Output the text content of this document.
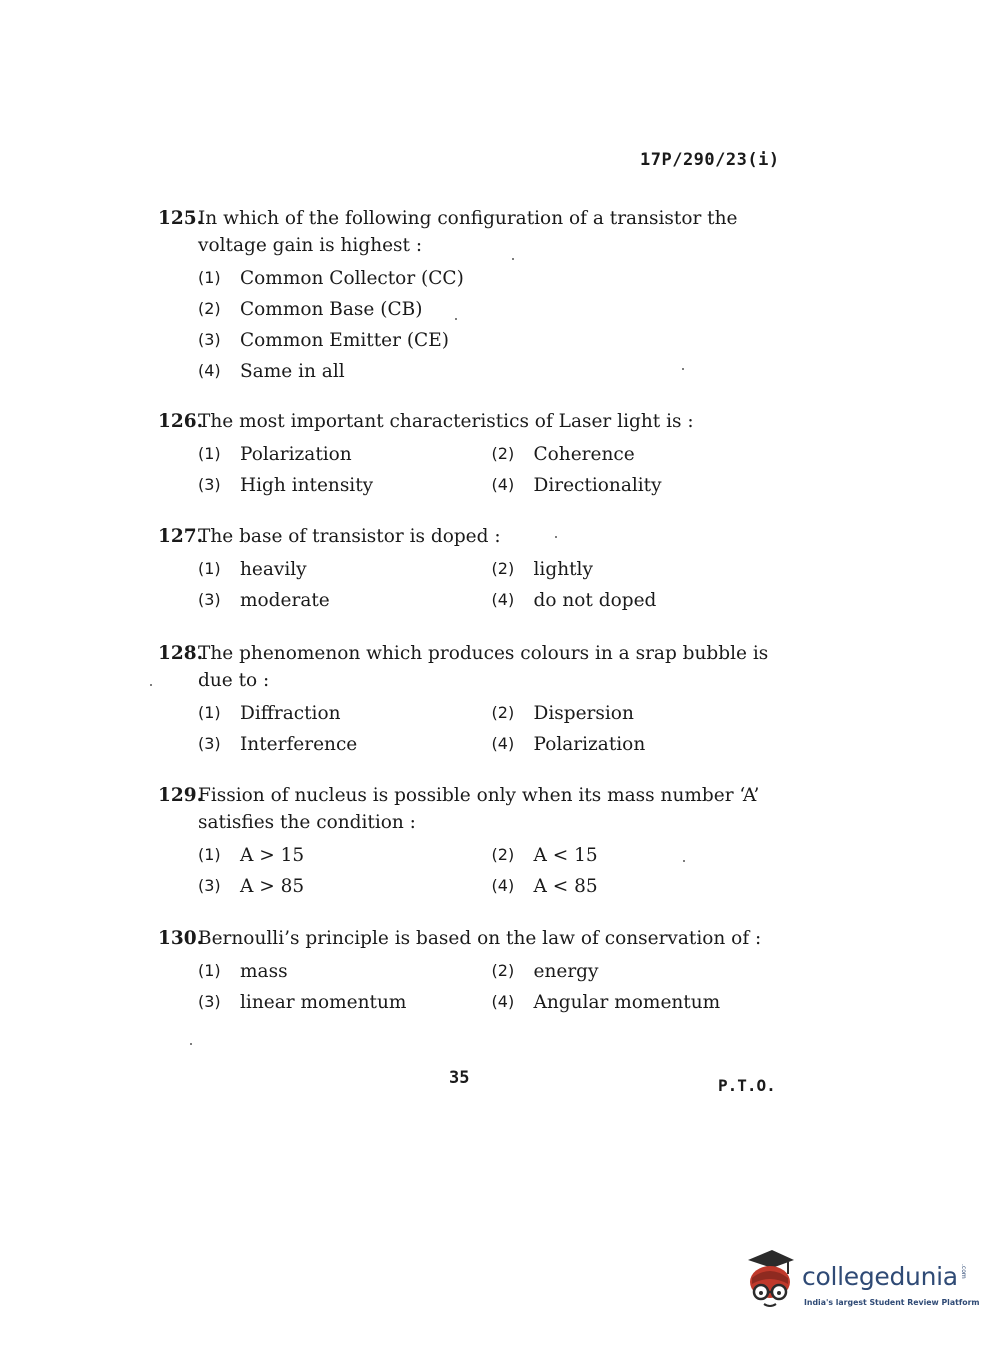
17P/290/23(i)
125.
In which of the following configuration of a transistor the voltage gain is highest :
(1)	Common Collector (CC)
(2)	Common Base (CB)
(3)	Common Emitter (CE)
(4)	Same in all
126.
The most important characteristics of Laser light is :
(1)	Polarization	(2)	Coherence
(3)	High intensity	(4)	Directionality
127.
The base of transistor is doped :
(1)	heavily	(2)	lightly
(3)	moderate	(4)	do not doped
128.
The phenomenon which produces colours in a srap bubble is due to :
(1)	Diffraction	(2)	Dispersion
(3)	Interference	(4)	Polarization
129.
Fission of nucleus is possible only when its mass number ‘A’ satisfies the condition :
(1)	A > 15	(2)	A < 15
(3)	A > 85	(4)	A < 85
130.
Bernoulli’s principle is based on the law of conservation of :
(1)	mass	(2)	energy
(3)	linear momentum	(4)	Angular momentum
35	P.T.O.
collegedunia .com
India's largest Student Review Platform
